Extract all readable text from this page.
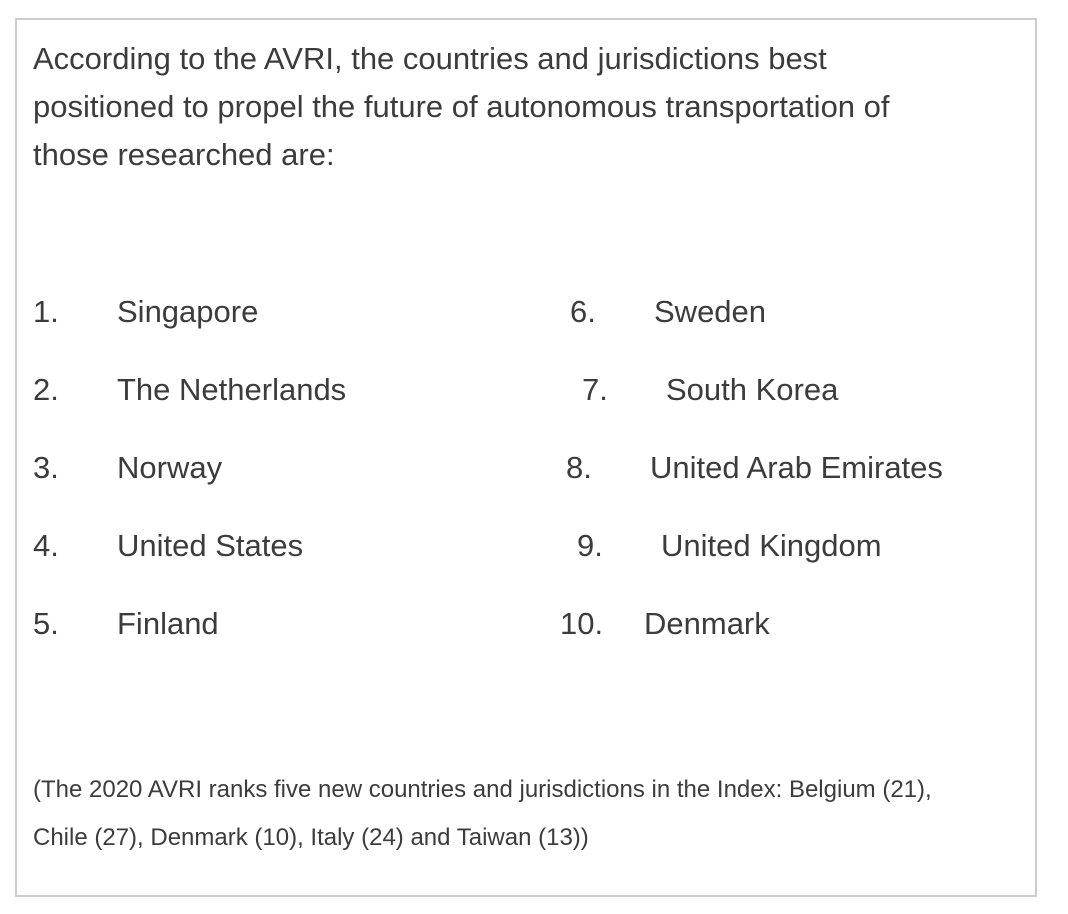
According to the AVRI, the countries and jurisdictions best
positioned to propel the future of autonomous transportation of
those researched are:
1.	Singapore
2.	The Netherlands
3.	Norway
4.	United States
5.	Finland
6.	Sweden
7.	South Korea
8.	United Arab Emirates
9.	United Kingdom
10.	Denmark
(The 2020 AVRI ranks five new countries and jurisdictions in the Index: Belgium (21),
Chile (27), Denmark (10), Italy (24) and Taiwan (13))
